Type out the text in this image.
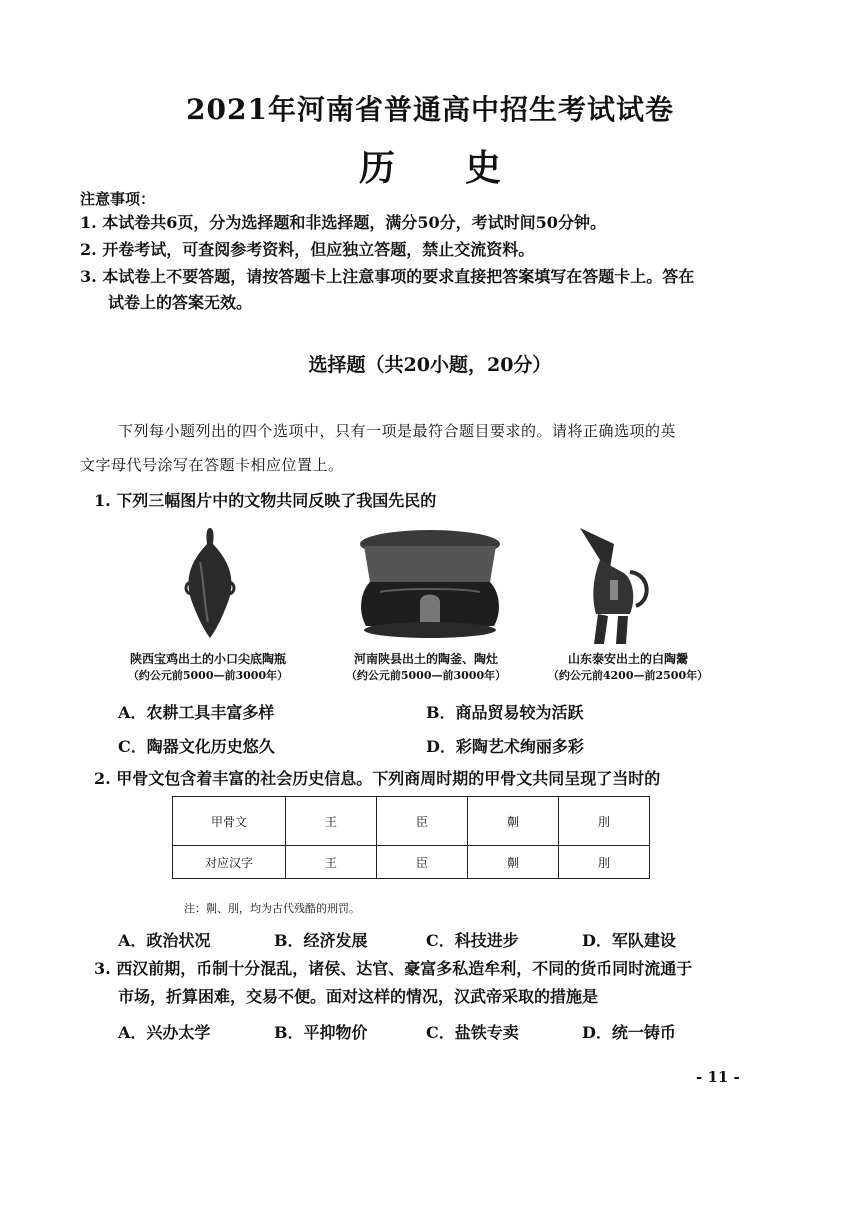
2021年河南省普通高中招生考试试卷
历史
注意事项：
1. 本试卷共6页，分为选择题和非选择题，满分50分，考试时间50分钟。
2. 开卷考试，可查阅参考资料，但应独立答题，禁止交流资料。
3. 本试卷上不要答题，请按答题卡上注意事项的要求直接把答案填写在答题卡上。答在
试卷上的答案无效。
选择题（共20小题，20分）
下列每小题列出的四个选项中，只有一项是最符合题目要求的。请将正确选项的英
文字母代号涂写在答题卡相应位置上。
1. 下列三幅图片中的文物共同反映了我国先民的
陕西宝鸡出土的小口尖底陶瓶
（约公元前5000—前3000年）
河南陕县出土的陶釜、陶灶
（约公元前5000—前3000年）
山东泰安出土的白陶鬶
（约公元前4200—前2500年）
A．农耕工具丰富多样	B．商品贸易较为活跃
C．陶器文化历史悠久	D．彩陶艺术绚丽多彩
2. 甲骨文包含着丰富的社会历史信息。下列商周时期的甲骨文共同呈现了当时的
甲骨文	王	臣	劓	刖
对应汉字	王	臣	劓	刖
注：劓、刖，均为古代残酷的刑罚。
A．政治状况	B．经济发展	C．科技进步	D．军队建设
3. 西汉前期，币制十分混乱，诸侯、达官、豪富多私造牟利，不同的货币同时流通于
市场，折算困难，交易不便。面对这样的情况，汉武帝采取的措施是
A．兴办太学	B．平抑物价	C．盐铁专卖	D．统一铸币
- 11 -
